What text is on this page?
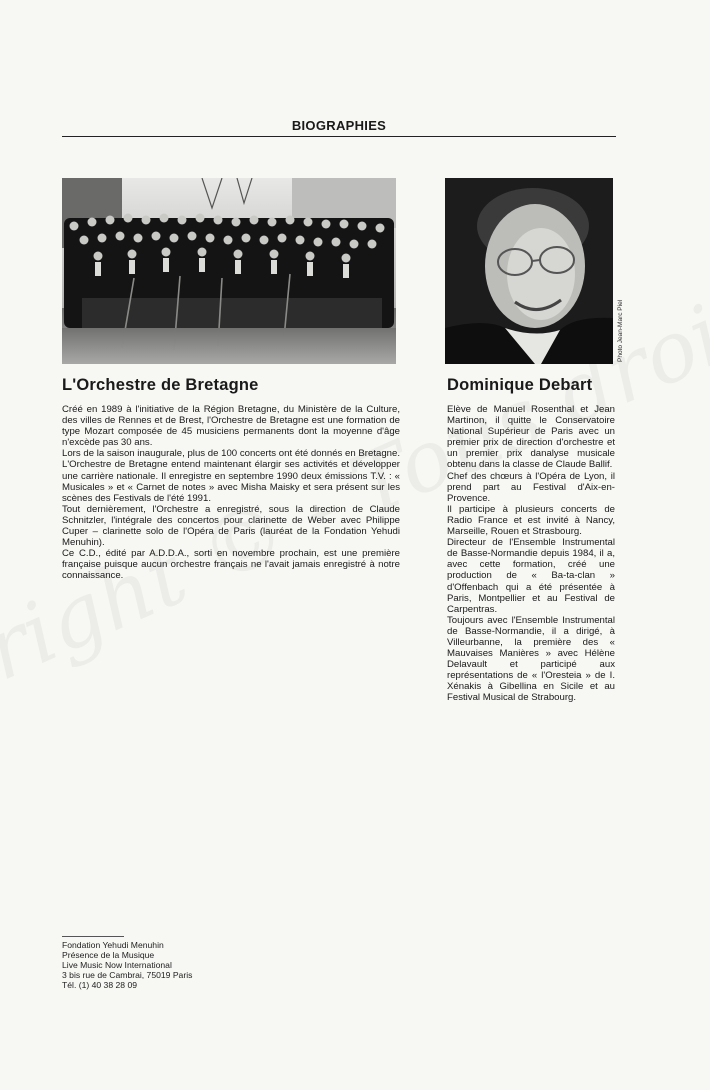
BIOGRAPHIES
Photo Jean-Marc Piel
L'Orchestre de Bretagne

Créé en 1989 à l'initiative de la Région Bretagne, du Ministère de la Culture, des villes de Rennes et de Brest, l'Orchestre de Bretagne est une formation de type Mozart composée de 45 musiciens permanents dont la moyenne d'âge n'excède pas 30 ans.

Lors de la saison inaugurale, plus de 100 concerts ont été donnés en Bretagne. L'Orchestre de Bretagne entend maintenant élargir ses activités et développer une carrière nationale. Il enregistre en septembre 1990 deux émissions T.V. : « Musicales » et « Carnet de notes » avec Misha Maisky et sera présent sur les scènes des Festivals de l'été 1991.

Tout dernièrement, l'Orchestre a enregistré, sous la direction de Claude Schnitzler, l'intégrale des concertos pour clarinette de Weber avec Philippe Cuper – clarinette solo de l'Opéra de Paris (lauréat de la Fondation Yehudi Menuhin).

Ce C.D., édité par A.D.D.A., sorti en novembre prochain, est une première française puisque aucun orchestre français ne l'avait jamais enregistré à notre connaissance.

Dominique Debart

Elève de Manuel Rosenthal et Jean Martinon, il quitte le Conservatoire National Supérieur de Paris avec un premier prix de direction d'orchestre et un premier prix danalyse musicale obtenu dans la classe de Claude Ballif.

Chef des chœurs à l'Opéra de Lyon, il prend part au Festival d'Aix-en-Provence.

Il participe à plusieurs concerts de Radio France et est invité à Nancy, Marseille, Rouen et Strasbourg.

Directeur de l'Ensemble Instrumental de Basse-Normandie depuis 1984, il a, avec cette formation, créé une production de « Ba-ta-clan » d'Offenbach qui a été présentée à Paris, Montpellier et au Festival de Carpentras.

Toujours avec l'Ensemble Instrumental de Basse-Normandie, il a dirigé, à Villeurbanne, la première des « Mauvaises Manières » avec Hélène Delavault et participé aux représentations de « l'Oresteia » de I. Xénakis à Gibellina en Sicile et au Festival Musical de Strabourg.

Fondation Yehudi Menuhin
Présence de la Musique
Live Music Now International
3 bis rue de Cambrai, 75019 Paris
Tél. (1) 40 38 28 09
